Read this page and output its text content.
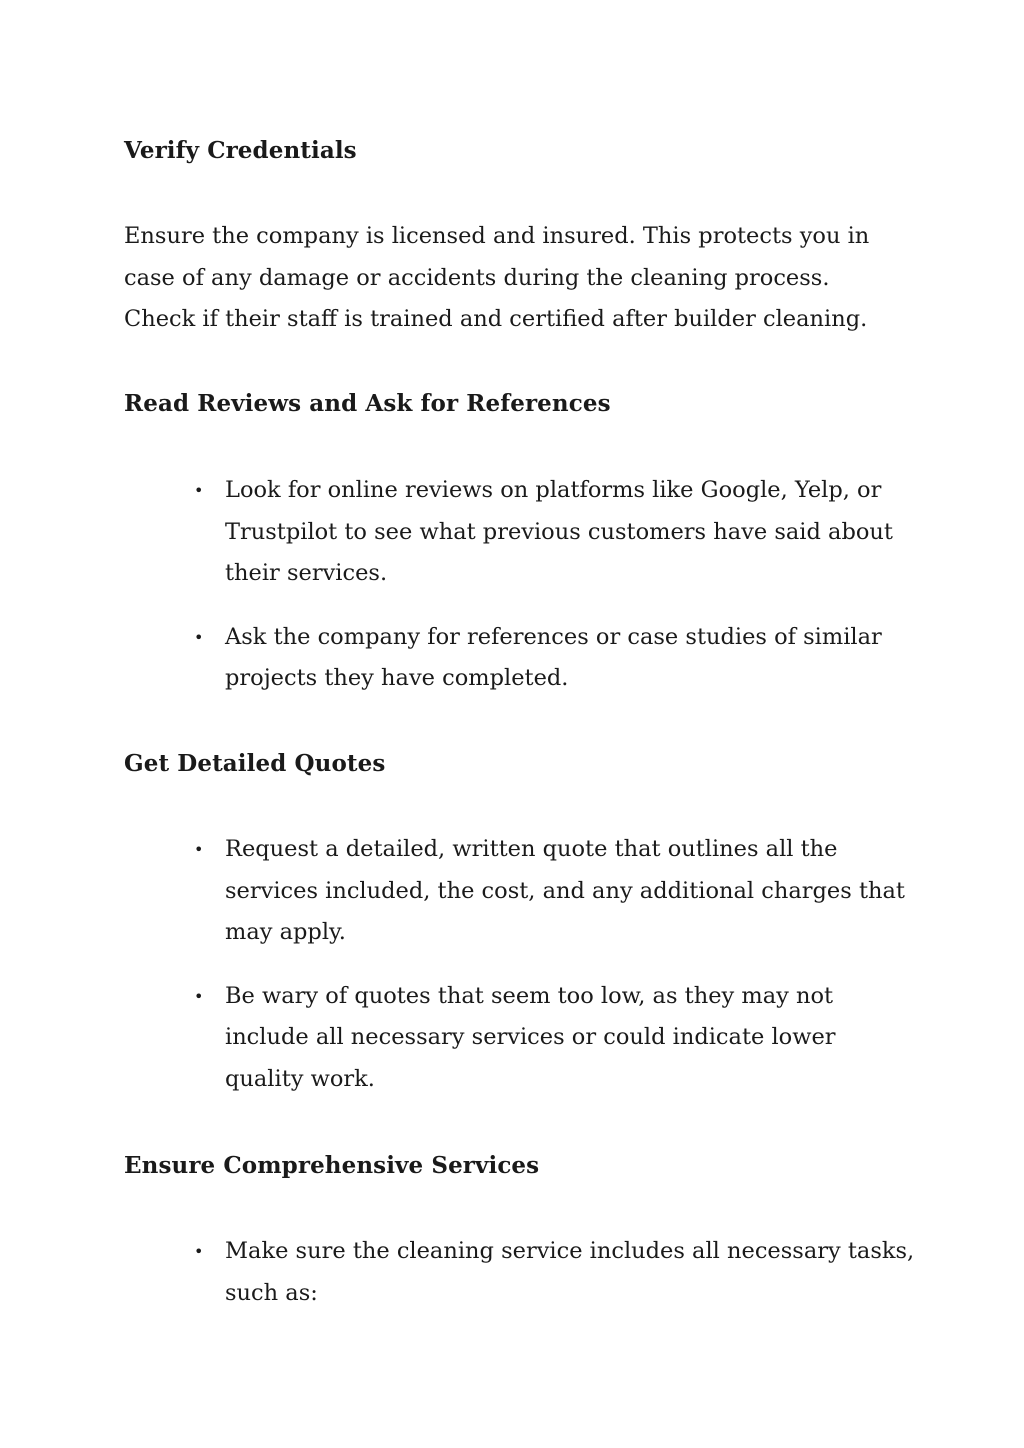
Verify Credentials

Ensure the company is licensed and insured. This protects you in
case of any damage or accidents during the cleaning process.
Check if their staff is trained and certified after builder cleaning.

Read Reviews and Ask for References
• Look for online reviews on platforms like Google, Yelp, or
Trustpilot to see what previous customers have said about
their services.
• Ask the company for references or case studies of similar
projects they have completed.
Get Detailed Quotes
• Request a detailed, written quote that outlines all the
services included, the cost, and any additional charges that
may apply.
• Be wary of quotes that seem too low, as they may not
include all necessary services or could indicate lower
quality work.
Ensure Comprehensive Services
• Make sure the cleaning service includes all necessary tasks,
such as:
